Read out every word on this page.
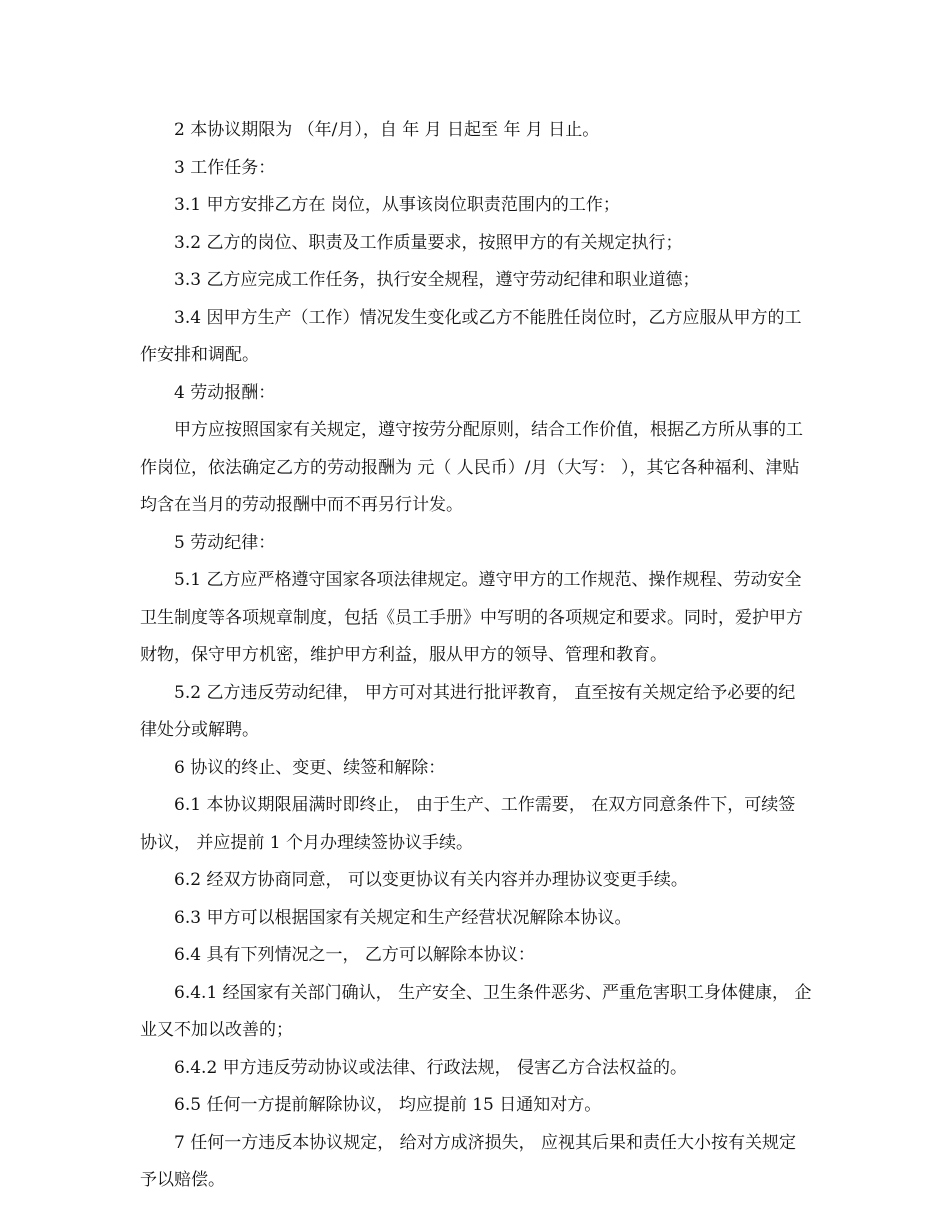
2 本协议期限为 （年/月），自 年 月 日起至 年 月 日止。

3 工作任务：

3.1 甲方安排乙方在 岗位，从事该岗位职责范围内的工作；

3.2 乙方的岗位、职责及工作质量要求，按照甲方的有关规定执行；

3.3 乙方应完成工作任务，执行安全规程，遵守劳动纪律和职业道德；

3.4 因甲方生产（工作）情况发生变化或乙方不能胜任岗位时，乙方应服从甲方的工作安排和调配。

4 劳动报酬：

甲方应按照国家有关规定，遵守按劳分配原则，结合工作价值，根据乙方所从事的工作岗位，依法确定乙方的劳动报酬为 元（ 人民币）/月（大写： ），其它各种福利、津贴均含在当月的劳动报酬中而不再另行计发。

5 劳动纪律：

5.1 乙方应严格遵守国家各项法律规定。遵守甲方的工作规范、操作规程、劳动安全卫生制度等各项规章制度，包括《员工手册》中写明的各项规定和要求。同时，爱护甲方财物，保守甲方机密，维护甲方利益，服从甲方的领导、管理和教育。

5.2 乙方违反劳动纪律， 甲方可对其进行批评教育， 直至按有关规定给予必要的纪律处分或解聘。

6 协议的终止、变更、续签和解除：

6.1 本协议期限届满时即终止， 由于生产、工作需要， 在双方同意条件下，可续签协议， 并应提前 1 个月办理续签协议手续。

6.2 经双方协商同意， 可以变更协议有关内容并办理协议变更手续。

6.3 甲方可以根据国家有关规定和生产经营状况解除本协议。

6.4 具有下列情况之一， 乙方可以解除本协议：

6.4.1 经国家有关部门确认， 生产安全、卫生条件恶劣、严重危害职工身体健康， 企业又不加以改善的；

6.4.2 甲方违反劳动协议或法律、行政法规， 侵害乙方合法权益的。

6.5 任何一方提前解除协议， 均应提前 15 日通知对方。

7 任何一方违反本协议规定， 给对方成济损失， 应视其后果和责任大小按有关规定予以赔偿。
